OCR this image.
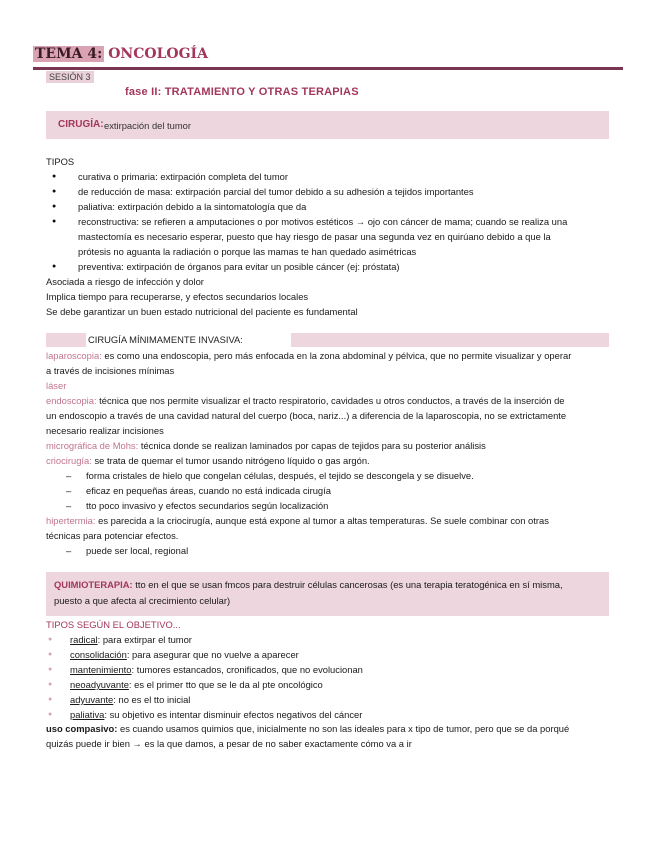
TEMA 4: ONCOLOGÍA
SESIÓN 3
fase II: TRATAMIENTO Y OTRAS TERAPIAS
CIRUGÍA: extirpación del tumor
TIPOS
● curativa o primaria: extirpación completa del tumor
● de reducción de masa: extirpación parcial del tumor debido a su adhesión a tejidos importantes
● paliativa: extirpación debido a la sintomatología que da
● reconstructiva: se refieren a amputaciones o por motivos estéticos → ojo con cáncer de mama; cuando se realiza una
mastectomía es necesario esperar, puesto que hay riesgo de pasar una segunda vez en quirúano debido a que la
prótesis no aguanta la radiación o porque las mamas te han quedado asimétricas
● preventiva: extirpación de órganos para evitar un posible cáncer (ej: próstata)
Asociada a riesgo de infección y dolor
Implica tiempo para recuperarse, y efectos secundarios locales
Se debe garantizar un buen estado nutricional del paciente es fundamental
CIRUGÍA MÍNIMAMENTE INVASIVA:
laparoscopia: es como una endoscopia, pero más enfocada en la zona abdominal y pélvica, que no permite visualizar y operar
a través de incisiones mínimas
láser
endoscopia: técnica que nos permite visualizar el tracto respiratorio, cavidades u otros conductos, a través de la inserción de
un endoscopio a través de una cavidad natural del cuerpo (boca, nariz...) a diferencia de la laparoscopia, no se extrictamente
necesario realizar incisiones
micrográfica de Mohs: técnica donde se realizan laminados por capas de tejidos para su posterior análisis
criocirugía: se trata de quemar el tumor usando nitrógeno líquido o gas argón.
– forma cristales de hielo que congelan células, después, el tejido se descongela y se disuelve.
– eficaz en pequeñas áreas, cuando no está indicada cirugía
– tto poco invasivo y efectos secundarios según localización
hipertermia: es parecida a la criocirugía, aunque está expone al tumor a altas temperaturas. Se suele combinar con otras
técnicas para potenciar efectos.
– puede ser local, regional
QUIMIOTERAPIA: tto en el que se usan fmcos para destruir células cancerosas (es una terapia teratogénica en sí misma,
puesto a que afecta al crecimiento celular)
TIPOS SEGÚN EL OBJETIVO...
● radical: para extirpar el tumor
● consolidación: para asegurar que no vuelve a aparecer
● mantenimiento: tumores estancados, cronificados, que no evolucionan
● neoadyuvante: es el primer tto que se le da al pte oncológico
● adyuvante: no es el tto inicial
● paliativa: su objetivo es intentar disminuir efectos negativos del cáncer
uso compasivo: es cuando usamos quimios que, inicialmente no son las ideales para x tipo de tumor, pero que se da porqué
quizás puede ir bien → es la que damos, a pesar de no saber exactamente cómo va a ir
